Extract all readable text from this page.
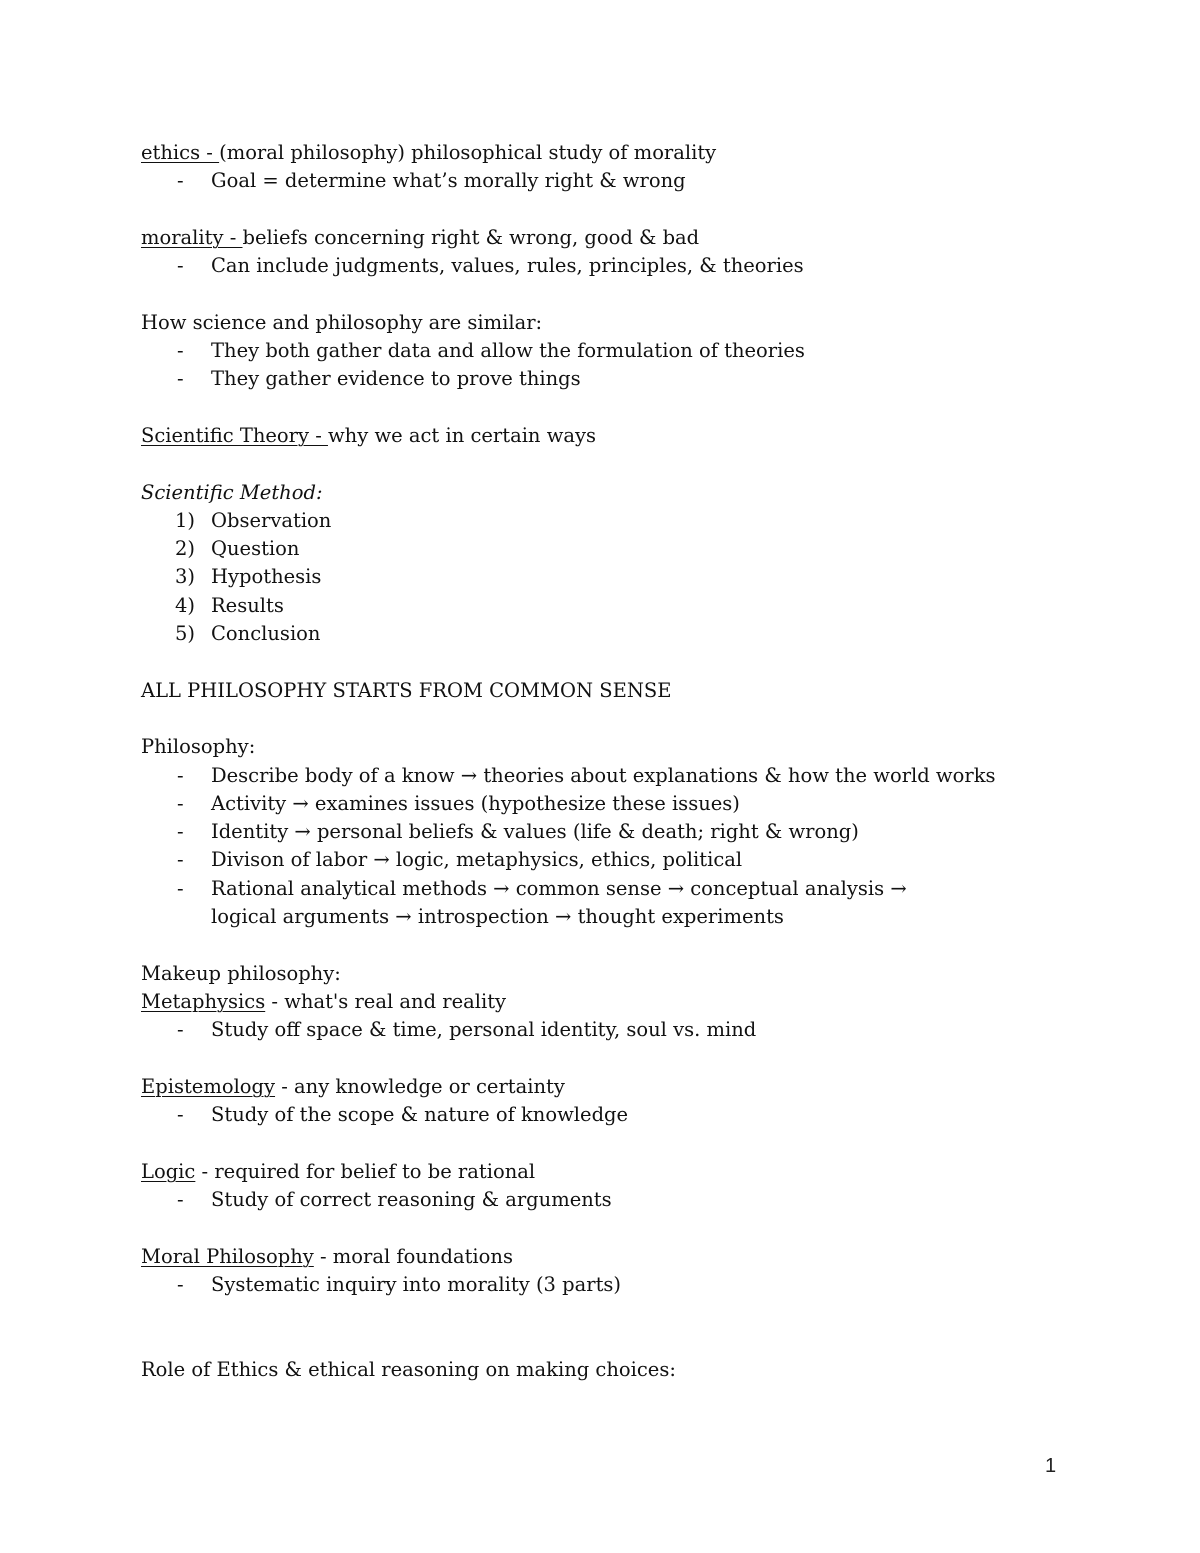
ethics - (moral philosophy) philosophical study of morality
- Goal = determine what’s morally right & wrong
morality - beliefs concerning right & wrong, good & bad
- Can include judgments, values, rules, principles, & theories
How science and philosophy are similar:
- They both gather data and allow the formulation of theories
- They gather evidence to prove things
Scientific Theory - why we act in certain ways
Scientific Method:
1) Observation
2) Question
3) Hypothesis
4) Results
5) Conclusion
ALL PHILOSOPHY STARTS FROM COMMON SENSE
Philosophy:
- Describe body of a know → theories about explanations & how the world works
- Activity → examines issues (hypothesize these issues)
- Identity → personal beliefs & values (life & death; right & wrong)
- Divison of labor → logic, metaphysics, ethics, political
- Rational analytical methods → common sense → conceptual analysis → logical arguments → introspection → thought experiments
Makeup philosophy:
Metaphysics - what's real and reality
- Study off space & time, personal identity, soul vs. mind
Epistemology - any knowledge or certainty
- Study of the scope & nature of knowledge
Logic - required for belief to be rational
- Study of correct reasoning & arguments
Moral Philosophy - moral foundations
- Systematic inquiry into morality (3 parts)
Role of Ethics & ethical reasoning on making choices:
1
